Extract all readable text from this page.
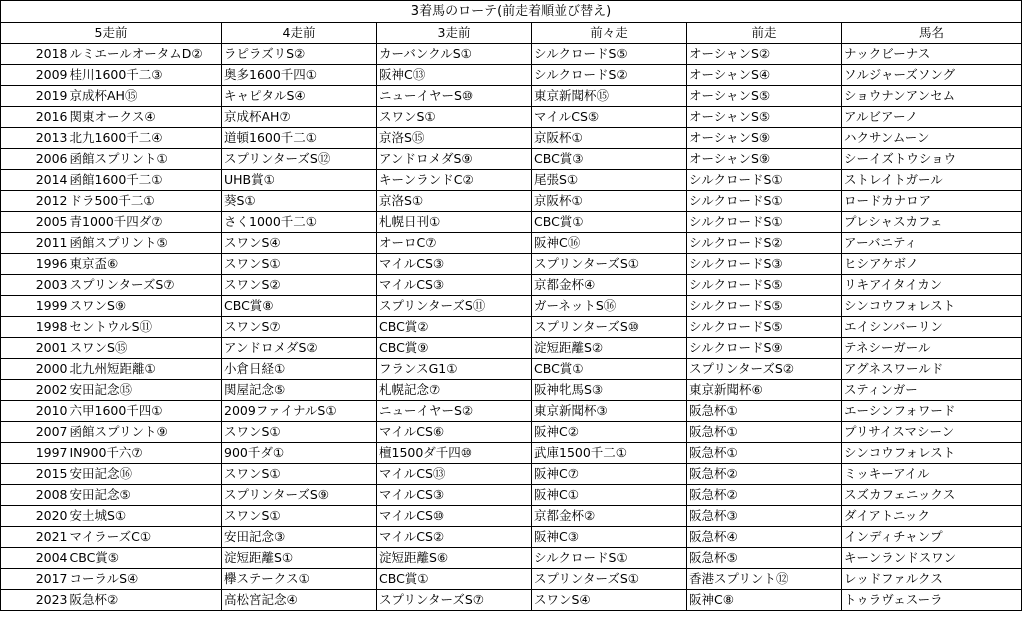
3着馬のローテ(前走着順並び替え)						
5走前		4走前	3走前	前々走	前走	馬名
2018	ルミエールオータムD②	ラピラズリS②	カーバンクルS①	シルクロードS⑤	オーシャンS②	ナックビーナス
2009	桂川1600千二③	奥多1600千四①	阪神C⑬	シルクロードS②	オーシャンS④	ソルジャーズソング
2019	京成杯AH⑮	キャピタルS④	ニューイヤーS⑩	東京新聞杯⑮	オーシャンS⑤	ショウナンアンセム
2016	関東オークス④	京成杯AH⑦	スワンS①	マイルCS⑤	オーシャンS⑤	アルビアーノ
2013	北九1600千二④	道頓1600千二①	京洛S⑮	京阪杯①	オーシャンS⑨	ハクサンムーン
2006	函館スプリント①	スプリンターズS⑫	アンドロメダS⑨	CBC賞③	オーシャンS⑨	シーイズトウショウ
2014	函館1600千二①	UHB賞①	キーンランドC②	尾張S①	シルクロードS①	ストレイトガール
2012	ドラ500千二①	葵S①	京洛S①	京阪杯①	シルクロードS①	ロードカナロア
2005	青1000千四ダ⑦	さく1000千二①	札幌日刊①	CBC賞①	シルクロードS①	プレシャスカフェ
2011	函館スプリント⑤	スワンS④	オーロC⑦	阪神C⑯	シルクロードS②	アーバニティ
1996	東京盃⑥	スワンS①	マイルCS③	スプリンターズS①	シルクロードS③	ヒシアケボノ
2003	スプリンターズS⑦	スワンS②	マイルCS③	京都金杯④	シルクロードS⑤	リキアイタイカン
1999	スワンS⑨	CBC賞⑧	スプリンターズS⑪	ガーネットS⑯	シルクロードS⑤	シンコウフォレスト
1998	セントウルS⑪	スワンS⑦	CBC賞②	スプリンターズS⑩	シルクロードS⑤	エイシンバーリン
2001	スワンS⑮	アンドロメダS②	CBC賞⑨	淀短距離S②	シルクロードS⑨	テネシーガール
2000	北九州短距離①	小倉日経①	フランスG1①	CBC賞①	スプリンターズS②	アグネスワールド
2002	安田記念⑮	関屋記念⑤	札幌記念⑦	阪神牝馬S③	東京新聞杯⑥	スティンガー
2010	六甲1600千四①	2009ファイナルS①	ニューイヤーS②	東京新聞杯③	阪急杯①	エーシンフォワード
2007	函館スプリント⑨	スワンS①	マイルCS⑥	阪神C②	阪急杯①	プリサイスマシーン
1997	IN900千六⑦	900千ダ①	檀1500ダ千四⑩	武庫1500千二①	阪急杯①	シンコウフォレスト
2015	安田記念⑯	スワンS①	マイルCS⑬	阪神C⑦	阪急杯②	ミッキーアイル
2008	安田記念⑤	スプリンターズS⑨	マイルCS③	阪神C①	阪急杯②	スズカフェニックス
2020	安土城S①	スワンS①	マイルCS⑩	京都金杯②	阪急杯③	ダイアトニック
2021	マイラーズC①	安田記念③	マイルCS②	阪神C③	阪急杯④	インディチャンプ
2004	CBC賞⑤	淀短距離S①	淀短距離S⑥	シルクロードS①	阪急杯⑤	キーンランドスワン
2017	コーラルS④	欅ステークス①	CBC賞①	スプリンターズS①	香港スプリント⑫	レッドファルクス
2023	阪急杯②	高松宮記念④	スプリンターズS⑦	スワンS④	阪神C⑧	トゥラヴェスーラ
